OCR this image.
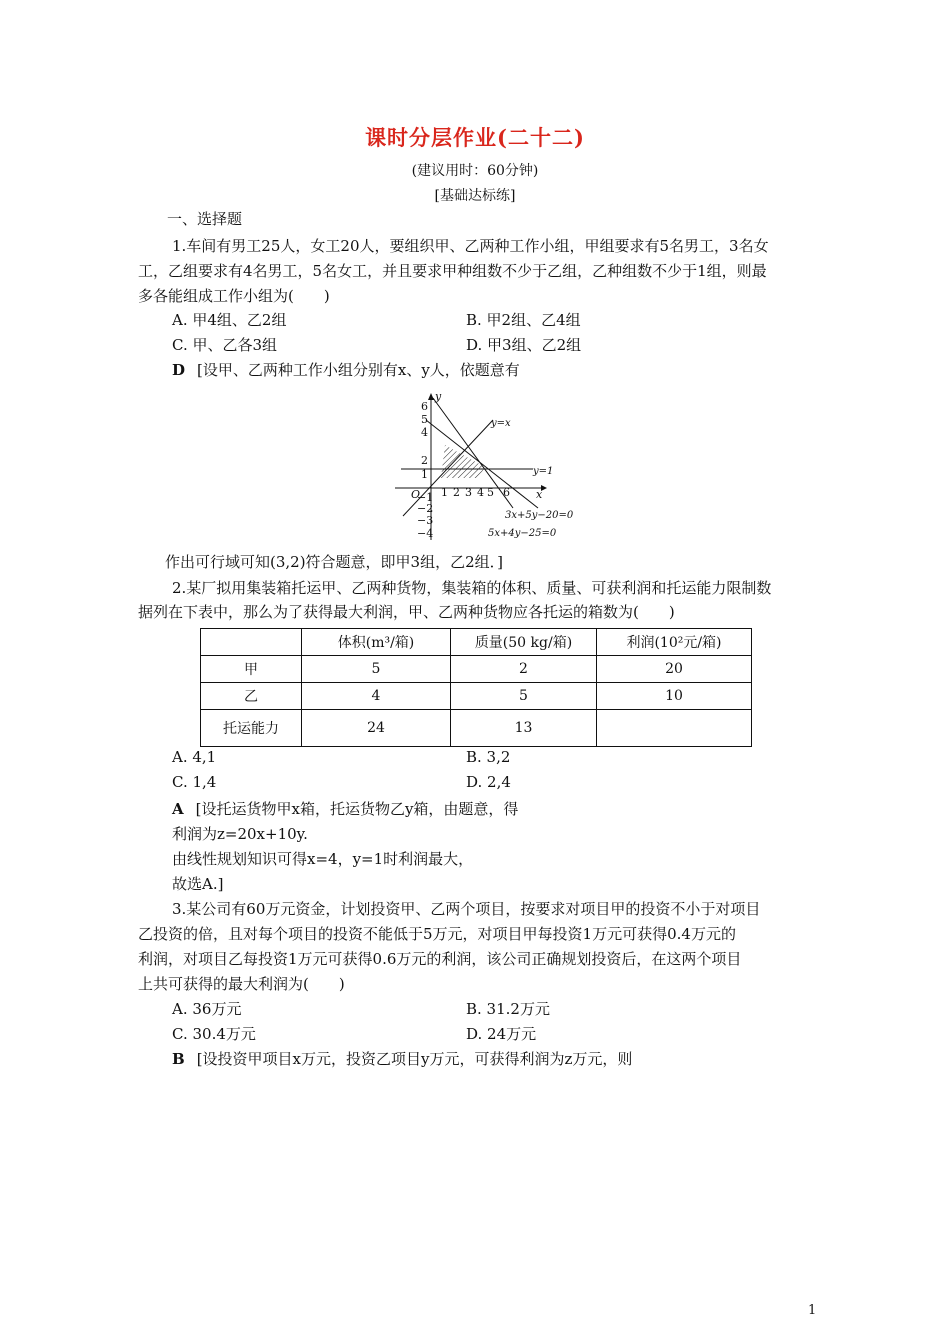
课时分层作业(二十二)
(建议用时：60分钟)
[基础达标练]
一、选择题
1.车间有男工25人，女工20人，要组织甲、乙两种工作小组，甲组要求有5名男工，3名女
工，乙组要求有4名男工，5名女工，并且要求甲种组数不少于乙组，乙种组数不少于1组，则最
多各能组成工作小组为(　　)
A. 甲4组、乙2组	B. 甲2组、乙4组
C. 甲、乙各3组	D. 甲3组、乙2组
D [设甲、乙两种工作小组分别有x、y人，依题意有
y
x
O
6
5
4
2
1
−1
−2
−3
−4
1 2 3 4 5 6
y=x
y=1
3x+5y−20=0
5x+4y−25=0
作出可行域可知(3,2)符合题意，即甲3组，乙2组．]
2.某厂拟用集装箱托运甲、乙两种货物，集装箱的体积、质量、可获利润和托运能力限制数
据列在下表中，那么为了获得最大利润，甲、乙两种货物应各托运的箱数为(　　)
	体积(m³/箱)	质量(50 kg/箱)	利润(10²元/箱)
甲	5	2	20
乙	4	5	10
托运能力	24	13	
A. 4,1	B. 3,2
C. 1,4	D. 2,4
A [设托运货物甲x箱，托运货物乙y箱，由题意，得
利润为z=20x+10y.
由线性规划知识可得x=4，y=1时利润最大，
故选A.]
3.某公司有60万元资金，计划投资甲、乙两个项目，按要求对项目甲的投资不小于对项目
乙投资的倍，且对每个项目的投资不能低于5万元，对项目甲每投资1万元可获得0.4万元的
利润，对项目乙每投资1万元可获得0.6万元的利润，该公司正确规划投资后，在这两个项目
上共可获得的最大利润为(　　)
A. 36万元	B. 31.2万元
C. 30.4万元	D. 24万元
B [设投资甲项目x万元，投资乙项目y万元，可获得利润为z万元，则
1
